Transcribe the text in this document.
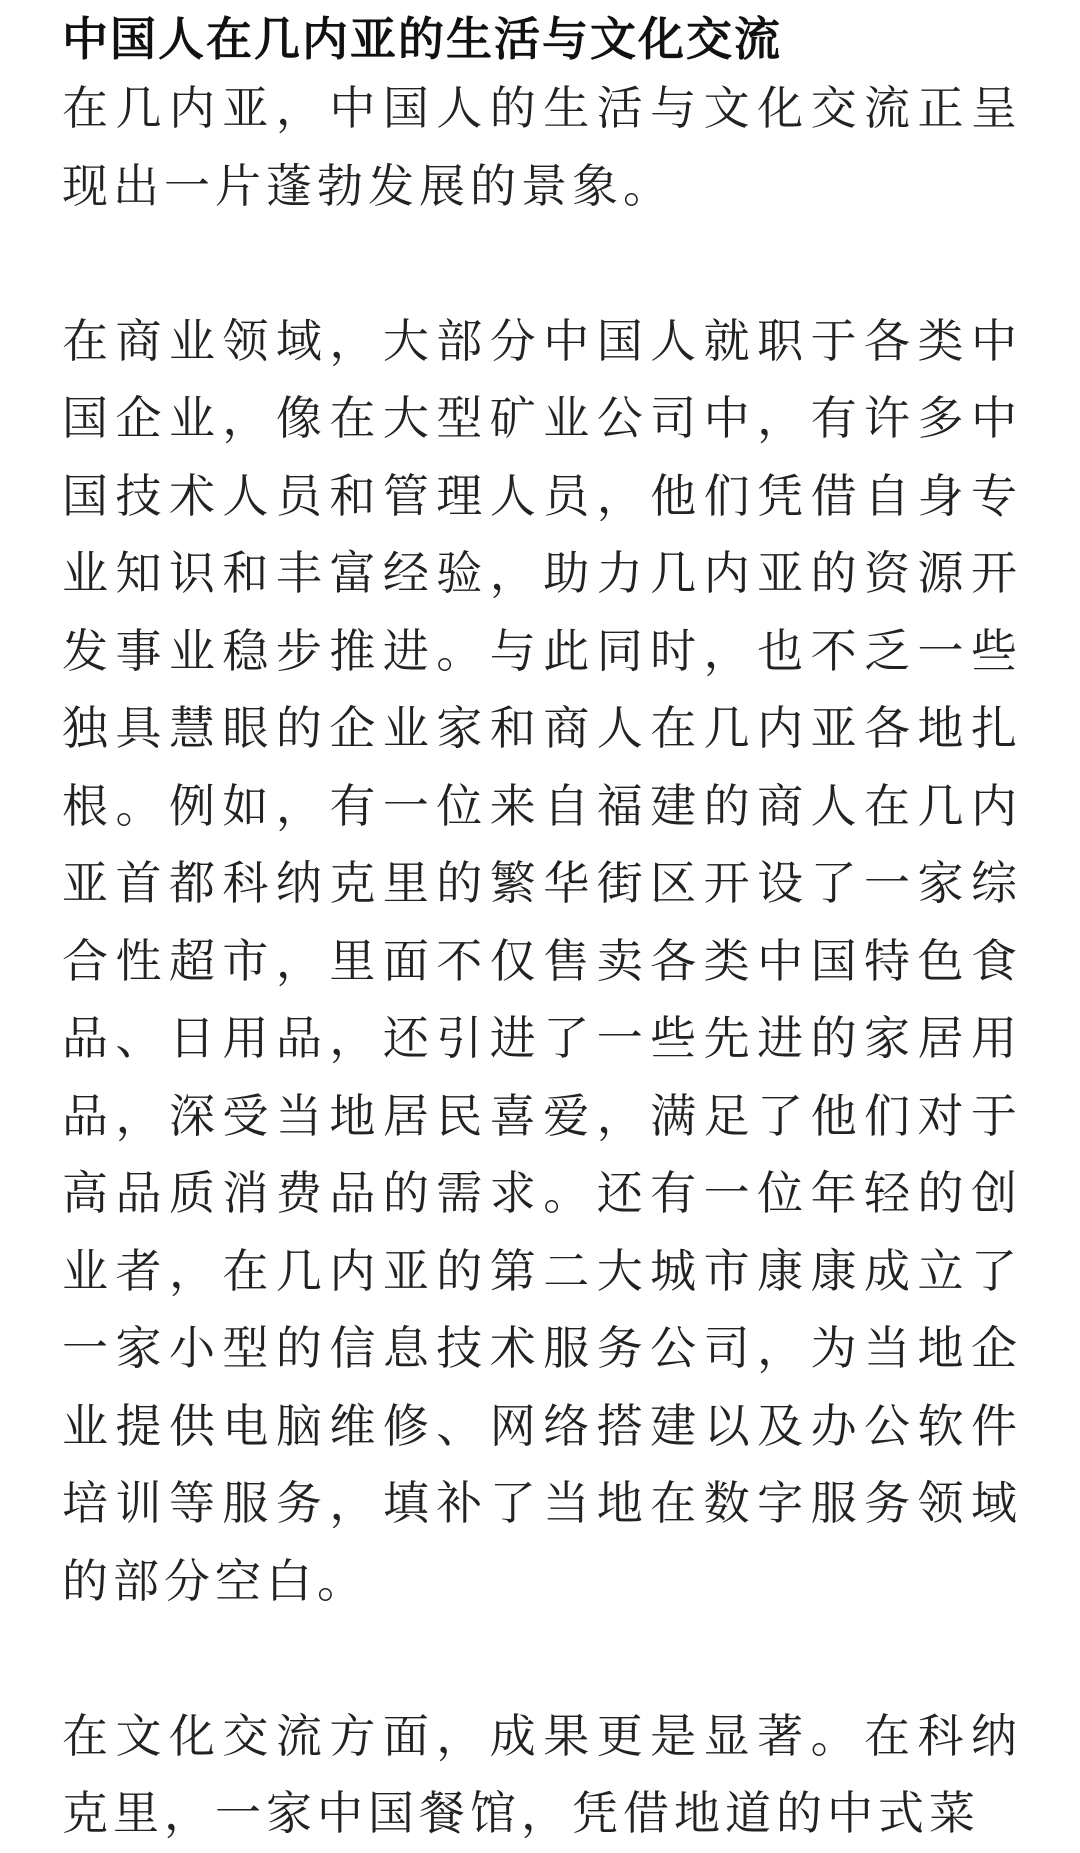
中国人在几内亚的生活与文化交流

在几内亚，中国人的生活与文化交流正呈现出一片蓬勃发展的景象。

在商业领域，大部分中国人就职于各类中国企业，像在大型矿业公司中，有许多中国技术人员和管理人员，他们凭借自身专业知识和丰富经验，助力几内亚的资源开发事业稳步推进。与此同时，也不乏一些独具慧眼的企业家和商人在几内亚各地扎根。例如，有一位来自福建的商人在几内亚首都科纳克里的繁华街区开设了一家综合性超市，里面不仅售卖各类中国特色食品、日用品，还引进了一些先进的家居用品，深受当地居民喜爱，满足了他们对于高品质消费品的需求。还有一位年轻的创业者，在几内亚的第二大城市康康成立了一家小型的信息技术服务公司，为当地企业提供电脑维修、网络搭建以及办公软件培训等服务，填补了当地在数字服务领域的部分空白。

在文化交流方面，成果更是显著。在科纳克里，一家中国餐馆，凭借地道的中式菜
